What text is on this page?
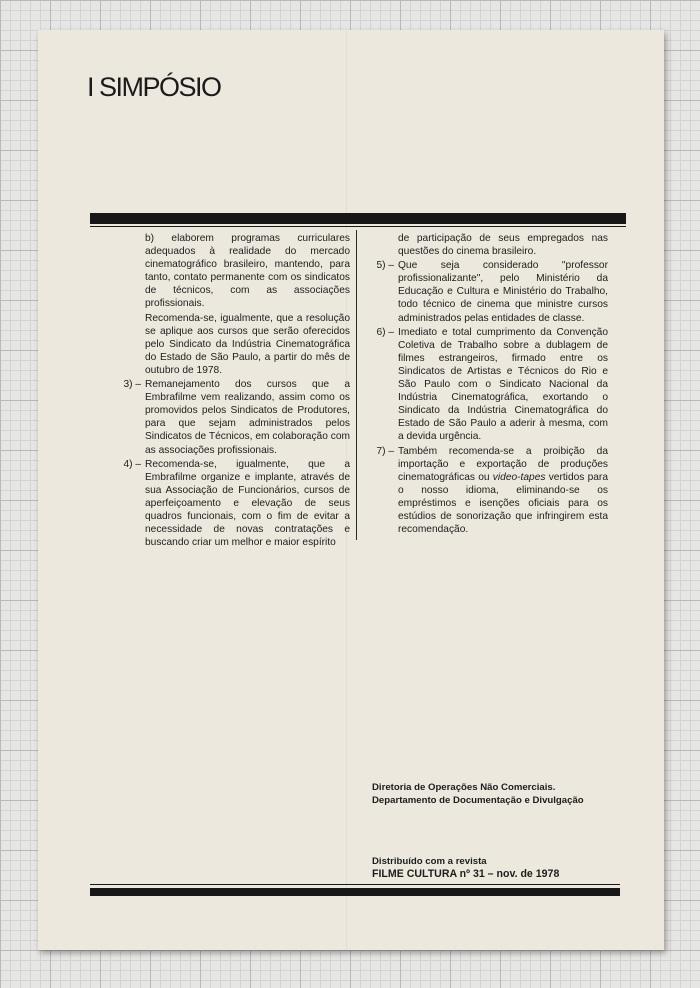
I SIMPÓSIO

b) elaborem programas curriculares adequados à realidade do mercado cinematográfico brasileiro, mantendo, para tanto, contato permanente com os sindicatos de técnicos, com as associações profissionais.

Recomenda-se, igualmente, que a resolução se aplique aos cursos que serão oferecidos pelo Sindicato da Indústria Cinematográfica do Estado de São Paulo, a partir do mês de outubro de 1978.

3) – Remanejamento dos cursos que a Embrafilme vem realizando, assim como os promovidos pelos Sindicatos de Produtores, para que sejam administrados pelos Sindicatos de Técnicos, em colaboração com as associações profissionais.
4) – Recomenda-se, igualmente, que a Embrafilme organize e implante, através de sua Associação de Funcionários, cursos de aperfeiçoamento e elevação de seus quadros funcionais, com o fim de evitar a necessidade de novas contratações e buscando criar um melhor e maior espírito

de participação de seus empregados nas questões do cinema brasileiro.

5) – Que seja considerado "professor profissionalizante", pelo Ministério da Educação e Cultura e Ministério do Trabalho, todo técnico de cinema que ministre cursos administrados pelas entidades de classe.
6) – Imediato e total cumprimento da Convenção Coletiva de Trabalho sobre a dublagem de filmes estrangeiros, firmado entre os Sindicatos de Artistas e Técnicos do Rio e São Paulo com o Sindicato Nacional da Indústria Cinematográfica, exortando o Sindicato da Indústria Cinematográfica do Estado de São Paulo a aderir à mesma, com a devida urgência.
7) – Também recomenda-se a proibição da importação e exportação de produções cinematográficas ou video-tapes vertidos para o nosso idioma, eliminando-se os empréstimos e isenções oficiais para os estúdios de sonorização que infringirem esta recomendação.
Diretoria de Operações Não Comerciais.
Departamento de Documentação e Divulgação
Distribuído com a revista
FILME CULTURA nº 31 – nov. de 1978
